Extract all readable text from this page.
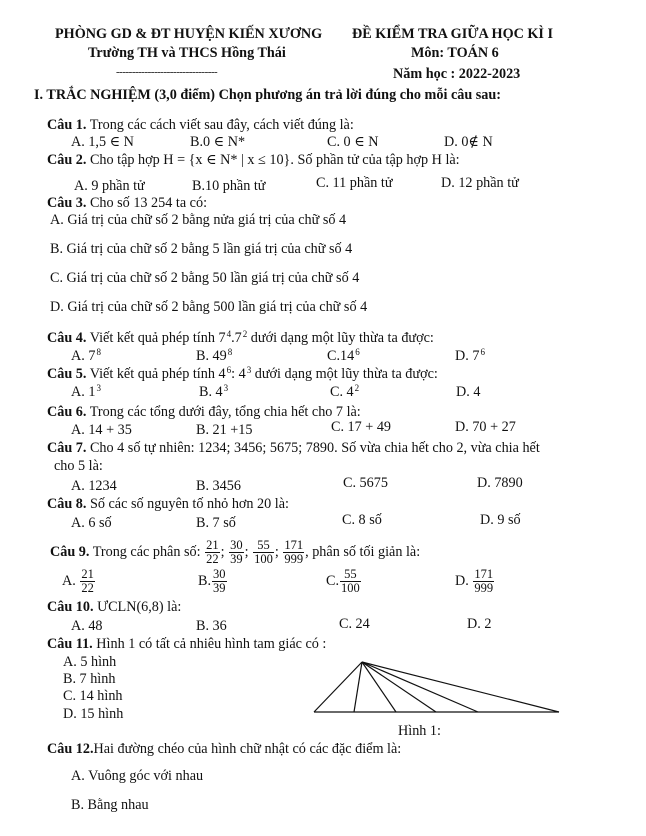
PHÒNG GD & ĐT HUYỆN KIẾN XƯƠNG
Trường TH và THCS Hồng Thái
--------------------------------
ĐỀ KIỂM TRA GIỮA HỌC KÌ I
Môn: TOÁN 6
Năm học : 2022-2023
I. TRẮC NGHIỆM (3,0 điểm) Chọn phương án trả lời đúng cho mỗi câu sau:
Câu 1. Trong các cách viết sau đây, cách viết đúng là:
A. 1,5 ∈ N	B.0 ∈ N*	C. 0 ∈ N	D. 0∉ N
Câu 2. Cho tập hợp H = {x ∈ N* | x ≤ 10}. Số phần tử của tập hợp H là:
A. 9 phần tử	B.10 phần tử	C. 11 phần tử	D. 12 phần tử
Câu 3. Cho số 13 254 ta có:
A. Giá trị của chữ số 2 bằng nửa giá trị của chữ số 4
B. Giá trị của chữ số 2 bằng 5 lần giá trị của chữ số 4
C. Giá trị của chữ số 2 bằng 50 lần giá trị của chữ số 4
D. Giá trị của chữ số 2 bằng 500 lần giá trị của chữ số 4
Câu 4. Viết kết quả phép tính $7^4.7^2$ dưới dạng một lũy thừa ta được:
A. $7^8$	B. $49^8$	$C.14^6$	D. $7^6$
Câu 5. Viết kết quả phép tính $4^6$: $4^3$ dưới dạng một lũy thừa ta được:
A. $1^3$	B. $4^3$	C. $4^2$	D. 4
Câu 6. Trong các tổng dưới đây, tổng chia hết cho 7 là:
A. 14 + 35	B. 21 +15	C. 17 + 49	D. 70 + 27
Câu 7. Cho 4 số tự nhiên: 1234; 3456; 5675; 7890. Số vừa chia hết cho 2, vừa chia hết
cho 5 là:
A. 1234	B. 3456	C. 5675	D. 7890
Câu 8. Số các số nguyên tố nhỏ hơn 20 là:
A. 6 số	B. 7 số	C. 8 số	D. 9 số
Câu 9. Trong các phân số: $\frac{21}{22}$ ; $\frac{30}{39}$ ; $\frac{55}{100}$ ; $\frac{171}{999}$ , phân số tối giản là:
A. $\frac{21}{22}$	B. $\frac{30}{39}$	C. $\frac{55}{100}$	D. $\frac{171}{999}$
Câu 10. ƯCLN(6,8) là:
A. 48	B. 36	C. 24	D. 2
Câu 11. Hình 1 có tất cả nhiêu hình tam giác có :
A. 5 hình
B. 7 hình
C. 14 hình
D. 15 hình
Hình 1:
Câu 12.Hai đường chéo của hình chữ nhật có các đặc điểm là:
A. Vuông góc với nhau
B. Bằng nhau
